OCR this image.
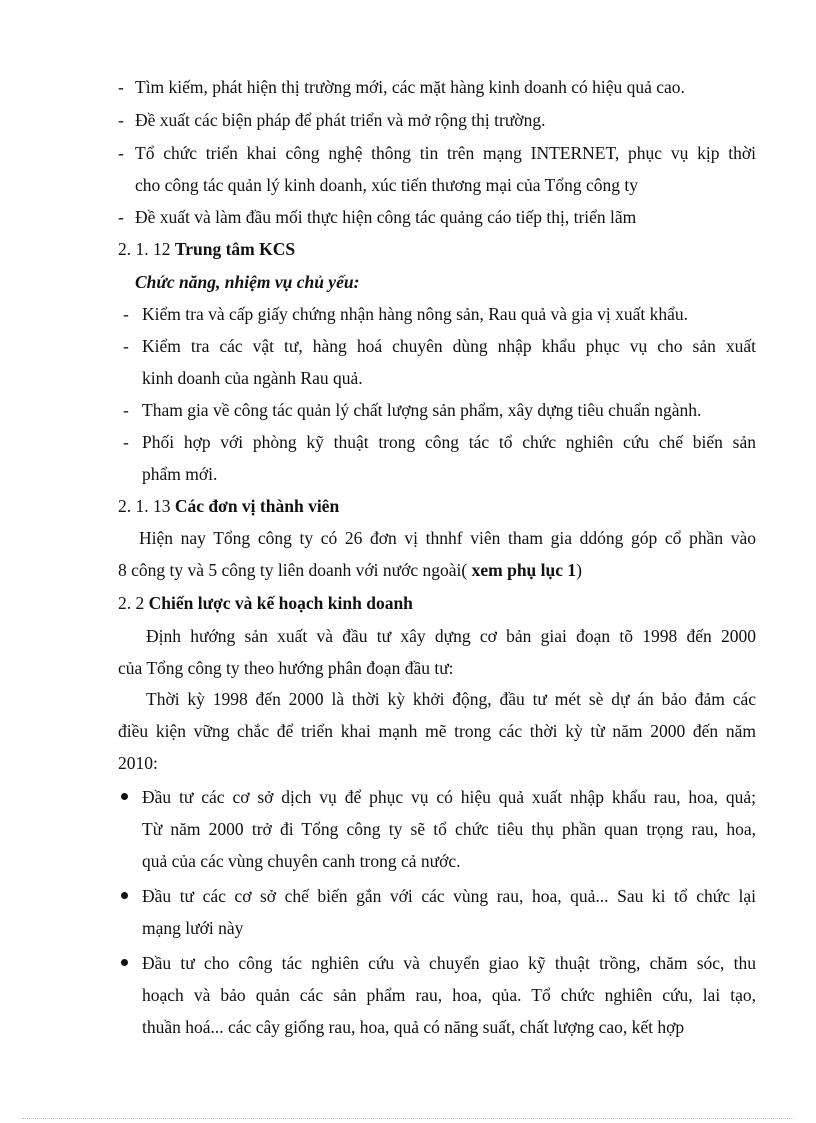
- Tìm kiếm, phát hiện thị trường mới, các mặt hàng kinh doanh có hiệu quả cao.
- Đề xuất các biện pháp để phát triển và mở rộng thị trường.
- Tổ chức triển khai công nghệ thông tin trên mạng INTERNET, phục vụ kịp thời
cho công tác quản lý kinh doanh, xúc tiến thương mại của Tổng công ty
- Đề xuất và làm đầu mối thực hiện công tác quảng cáo tiếp thị, triển lãm
2. 1. 12 Trung tâm KCS
Chức năng, nhiệm vụ chủ yếu:
- Kiểm tra và cấp giấy chứng nhận hàng nông sản, Rau quả và gia vị xuất khẩu.
- Kiểm tra các vật tư, hàng hoá chuyên dùng nhập khẩu phục vụ cho sản xuất
kinh doanh của ngành Rau quả.
- Tham gia về công tác quản lý chất lượng sản phẩm, xây dựng tiêu chuẩn ngành.
- Phối hợp với phòng kỹ thuật trong công tác tổ chức nghiên cứu chế biến sản
phẩm mới.
2. 1. 13 Các đơn vị thành viên
Hiện nay Tổng công ty có 26 đơn vị thnhf viên tham gia ddóng góp cổ phần vào
8 công ty và 5 công ty liên doanh với nước ngoài( xem phụ lục 1)
2. 2 Chiến lược và kế hoạch kinh doanh
Định hướng sản xuất và đầu tư xây dựng cơ bản giai đoạn tõ 1998 đến 2000
của Tổng công ty theo hướng phân đoạn đầu tư:
Thời kỳ 1998 đến 2000 là thời kỳ khởi động, đầu tư mét sè dự án bảo đảm các
điều kiện vững chắc để triển khai mạnh mẽ trong các thời kỳ từ năm 2000 đến năm
2010:
Đầu tư các cơ sở dịch vụ để phục vụ có hiệu quả xuất nhập khẩu rau, hoa, quả;
Từ năm 2000 trở đi Tổng công ty sẽ tổ chức tiêu thụ phần quan trọng rau, hoa,
quả của các vùng chuyên canh trong cả nước.
Đầu tư các cơ sở chế biến gắn với các vùng rau, hoa, quả... Sau ki tổ chức lại
mạng lưới này
Đầu tư cho công tác nghiên cứu và chuyển giao kỹ thuật trồng, chăm sóc, thu
hoạch và bảo quản các sản phẩm rau, hoa, qủa. Tổ chức nghiên cứu, lai tạo,
thuần hoá... các cây giống rau, hoa, quả có năng suất, chất lượng cao, kết hợp
